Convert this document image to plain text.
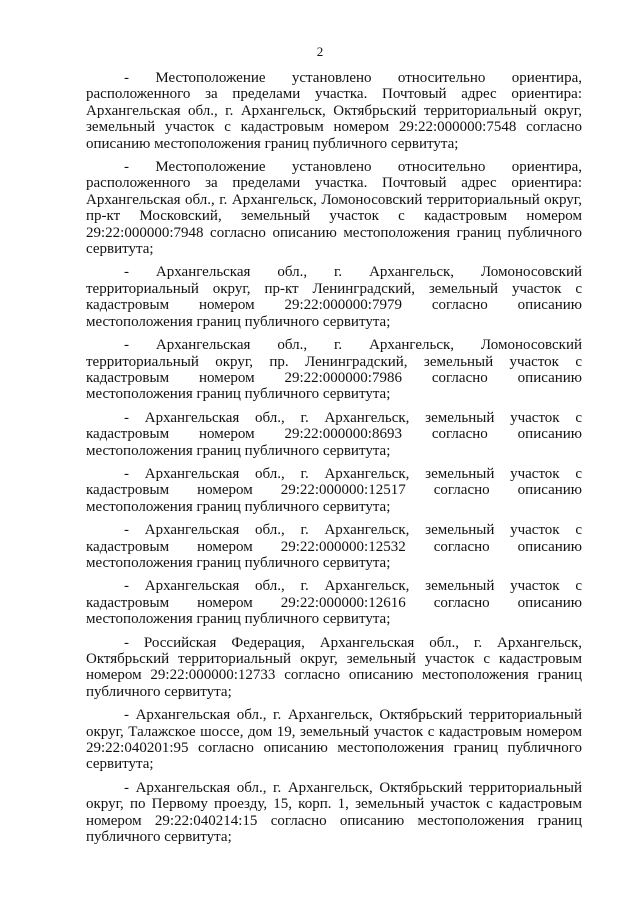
2

- Местоположение установлено относительно ориентира, расположенного за пределами участка. Почтовый адрес ориентира: Архангельская обл., г. Архангельск, Октябрьский территориальный округ, земельный участок с кадастровым номером 29:22:000000:7548 согласно описанию местоположения границ публичного сервитута;

- Местоположение установлено относительно ориентира, расположенного за пределами участка. Почтовый адрес ориентира: Архангельская обл., г. Архангельск, Ломоносовский территориальный округ, пр-кт Московский, земельный участок с кадастровым номером 29:22:000000:7948 согласно описанию местоположения границ публичного сервитута;

- Архангельская обл., г. Архангельск, Ломоносовский территориальный округ, пр-кт Ленинградский, земельный участок с кадастровым номером 29:22:000000:7979 согласно описанию местоположения границ публичного сервитута;

- Архангельская обл., г. Архангельск, Ломоносовский территориальный округ, пр. Ленинградский, земельный участок с кадастровым номером 29:22:000000:7986 согласно описанию местоположения границ публичного сервитута;

- Архангельская обл., г. Архангельск, земельный участок с кадастровым номером 29:22:000000:8693 согласно описанию местоположения границ публичного сервитута;

- Архангельская обл., г. Архангельск, земельный участок с кадастровым номером 29:22:000000:12517 согласно описанию местоположения границ публичного сервитута;

- Архангельская обл., г. Архангельск, земельный участок с кадастровым номером 29:22:000000:12532 согласно описанию местоположения границ публичного сервитута;

- Архангельская обл., г. Архангельск, земельный участок с кадастровым номером 29:22:000000:12616 согласно описанию местоположения границ публичного сервитута;

- Российская Федерация, Архангельская обл., г. Архангельск, Октябрьский территориальный округ, земельный участок с кадастровым номером 29:22:000000:12733 согласно описанию местоположения границ публичного сервитута;

- Архангельская обл., г. Архангельск, Октябрьский территориальный округ, Талажское шоссе, дом 19, земельный участок с кадастровым номером 29:22:040201:95 согласно описанию местоположения границ публичного сервитута;

- Архангельская обл., г. Архангельск, Октябрьский территориальный округ, по Первому проезду, 15, корп. 1, земельный участок с кадастровым номером 29:22:040214:15 согласно описанию местоположения границ публичного сервитута;
